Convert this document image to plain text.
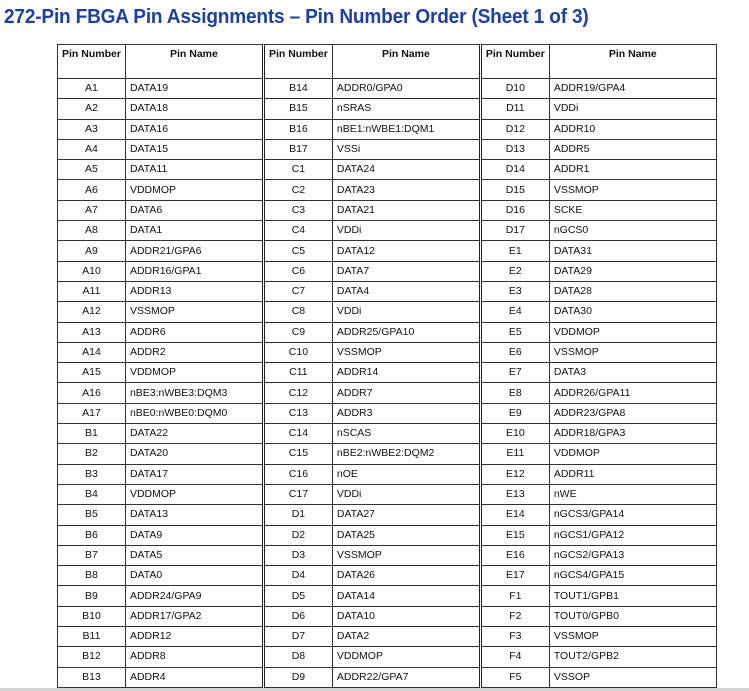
272-Pin FBGA Pin Assignments – Pin Number Order (Sheet 1 of 3)
Pin Number	Pin Name	Pin Number	Pin Name	Pin Number	Pin Name
A1	DATA19	B14	ADDR0/GPA0	D10	ADDR19/GPA4
A2	DATA18	B15	nSRAS	D11	VDDi
A3	DATA16	B16	nBE1:nWBE1:DQM1	D12	ADDR10
A4	DATA15	B17	VSSi	D13	ADDR5
A5	DATA11	C1	DATA24	D14	ADDR1
A6	VDDMOP	C2	DATA23	D15	VSSMOP
A7	DATA6	C3	DATA21	D16	SCKE
A8	DATA1	C4	VDDi	D17	nGCS0
A9	ADDR21/GPA6	C5	DATA12	E1	DATA31
A10	ADDR16/GPA1	C6	DATA7	E2	DATA29
A11	ADDR13	C7	DATA4	E3	DATA28
A12	VSSMOP	C8	VDDi	E4	DATA30
A13	ADDR6	C9	ADDR25/GPA10	E5	VDDMOP
A14	ADDR2	C10	VSSMOP	E6	VSSMOP
A15	VDDMOP	C11	ADDR14	E7	DATA3
A16	nBE3:nWBE3:DQM3	C12	ADDR7	E8	ADDR26/GPA11
A17	nBE0:nWBE0:DQM0	C13	ADDR3	E9	ADDR23/GPA8
B1	DATA22	C14	nSCAS	E10	ADDR18/GPA3
B2	DATA20	C15	nBE2:nWBE2:DQM2	E11	VDDMOP
B3	DATA17	C16	nOE	E12	ADDR11
B4	VDDMOP	C17	VDDi	E13	nWE
B5	DATA13	D1	DATA27	E14	nGCS3/GPA14
B6	DATA9	D2	DATA25	E15	nGCS1/GPA12
B7	DATA5	D3	VSSMOP	E16	nGCS2/GPA13
B8	DATA0	D4	DATA26	E17	nGCS4/GPA15
B9	ADDR24/GPA9	D5	DATA14	F1	TOUT1/GPB1
B10	ADDR17/GPA2	D6	DATA10	F2	TOUT0/GPB0
B11	ADDR12	D7	DATA2	F3	VSSMOP
B12	ADDR8	D8	VDDMOP	F4	TOUT2/GPB2
B13	ADDR4	D9	ADDR22/GPA7	F5	VSSOP
